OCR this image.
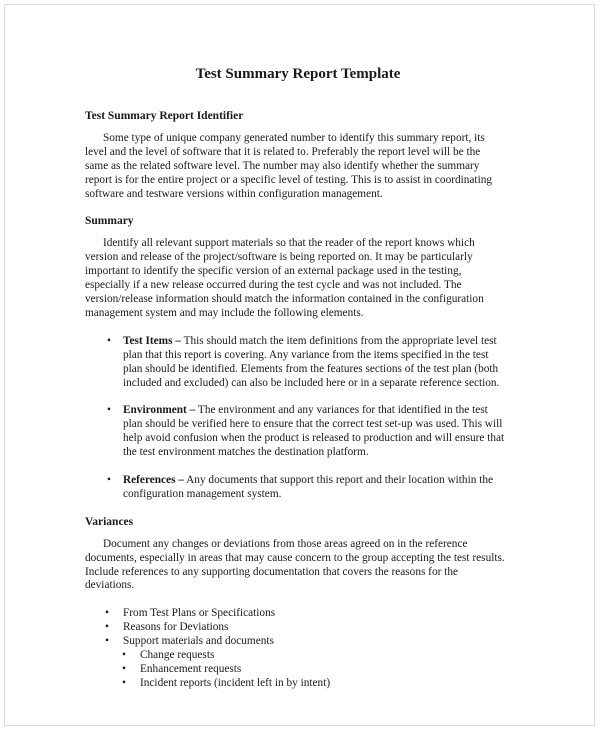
Test Summary Report Template
Test Summary Report Identifier

Some type of unique company generated number to identify this summary report, its level and the level of software that it is related to. Preferably the report level will be the same as the related software level. The number may also identify whether the summary report is for the entire project or a specific level of testing. This is to assist in coordinating software and testware versions within configuration management.

Summary

Identify all relevant support materials so that the reader of the report knows which version and release of the project/software is being reported on. It may be particularly important to identify the specific version of an external package used in the testing, especially if a new release occurred during the test cycle and was not included. The version/release information should match the information contained in the configuration management system and may include the following elements.

• Test Items – This should match the item definitions from the appropriate level test plan that this report is covering. Any variance from the items specified in the test plan should be identified. Elements from the features sections of the test plan (both included and excluded) can also be included here or in a separate reference section.
• Environment – The environment and any variances for that identified in the test plan should be verified here to ensure that the correct test set-up was used. This will help avoid confusion when the product is released to production and will ensure that the test environment matches the destination platform.
• References – Any documents that support this report and their location within the configuration management system.
Variances

Document any changes or deviations from those areas agreed on in the reference documents, especially in areas that may cause concern to the group accepting the test results. Include references to any supporting documentation that covers the reasons for the deviations.

• From Test Plans or Specifications
• Reasons for Deviations
• Support materials and documents
• Change requests
• Enhancement requests
• Incident reports (incident left in by intent)
